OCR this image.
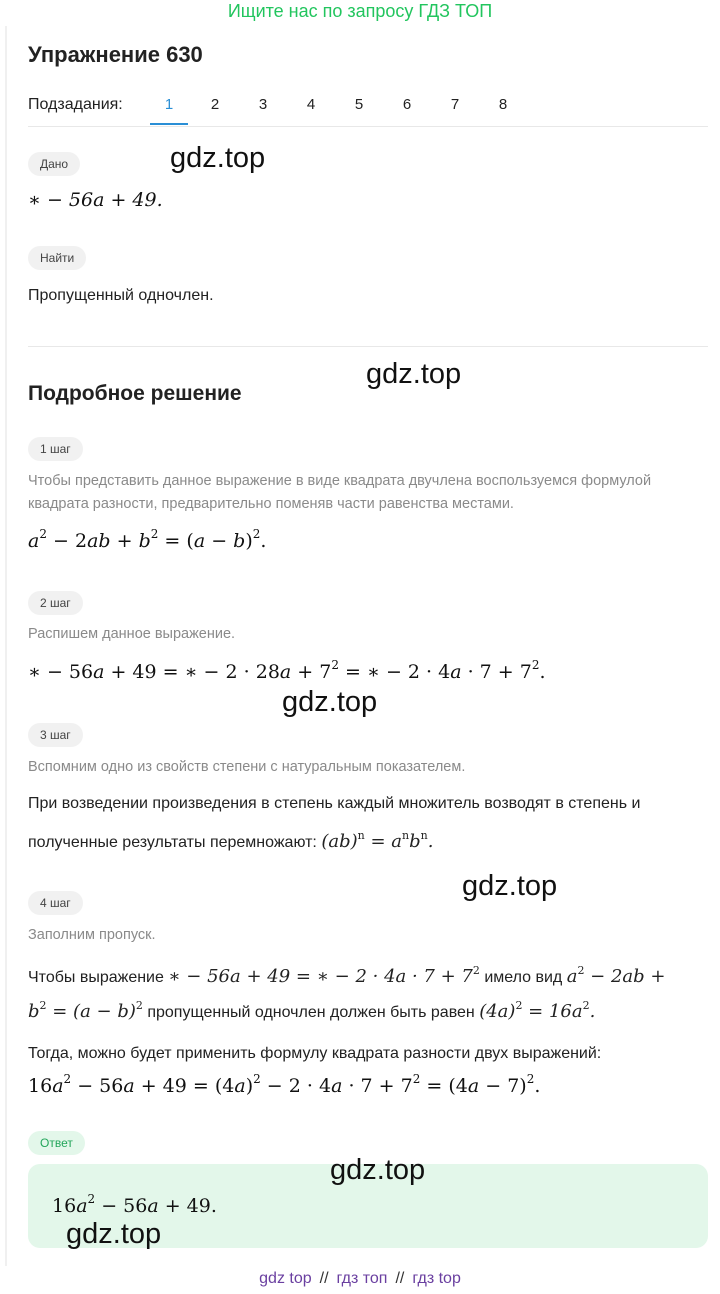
Ищите нас по запросу ГДЗ ТОП
Упражнение 630
Подзадания:	1	2	3	4	5	6	7	8
Дано	gdz.top
∗ − 56a + 49.
Найти
Пропущенный одночлен.
gdz.top
Подробное решение
1 шаг
Чтобы представить данное выражение в виде квадрата двучлена воспользуемся формулой квадрата разности, предварительно поменяв части равенства местами.
$a^2 - 2ab + b^2 = (a - b)^2$.
2 шаг
Распишем данное выражение.
∗ − 56a + 49 = ∗ − $2 \cdot 28a + 7^2$ = ∗ − $2 \cdot 4a \cdot 7 + 7^2$.
gdz.top
3 шаг
Вспомним одно из свойств степени с натуральным показателем.
При возведении произведения в степень каждый множитель возводят в степень и полученные результаты перемножают: $(ab)^n = a^nb^n$.
gdz.top
4 шаг
Заполним пропуск.
Чтобы выражение ∗ − 56a + 49 = ∗ − $2 \cdot 4a \cdot 7 + 7^2$ имело вид $a^2 - 2ab$ +
$b^2 = (a - b)^2$ пропущенный одночлен должен быть равен $(4a)^2 = 16a^2$.
Тогда, можно будет применить формулу квадрата разности двух выражений:
$16a^2 - 56a + 49 = (4a)^2 - 2 \cdot 4a \cdot 7 + 7^2 = (4a - 7)^2$.
Ответ
$16a^2 - 56a + 49$.
gdz.top
gdz.top
gdz top // гдз топ // гдз top
